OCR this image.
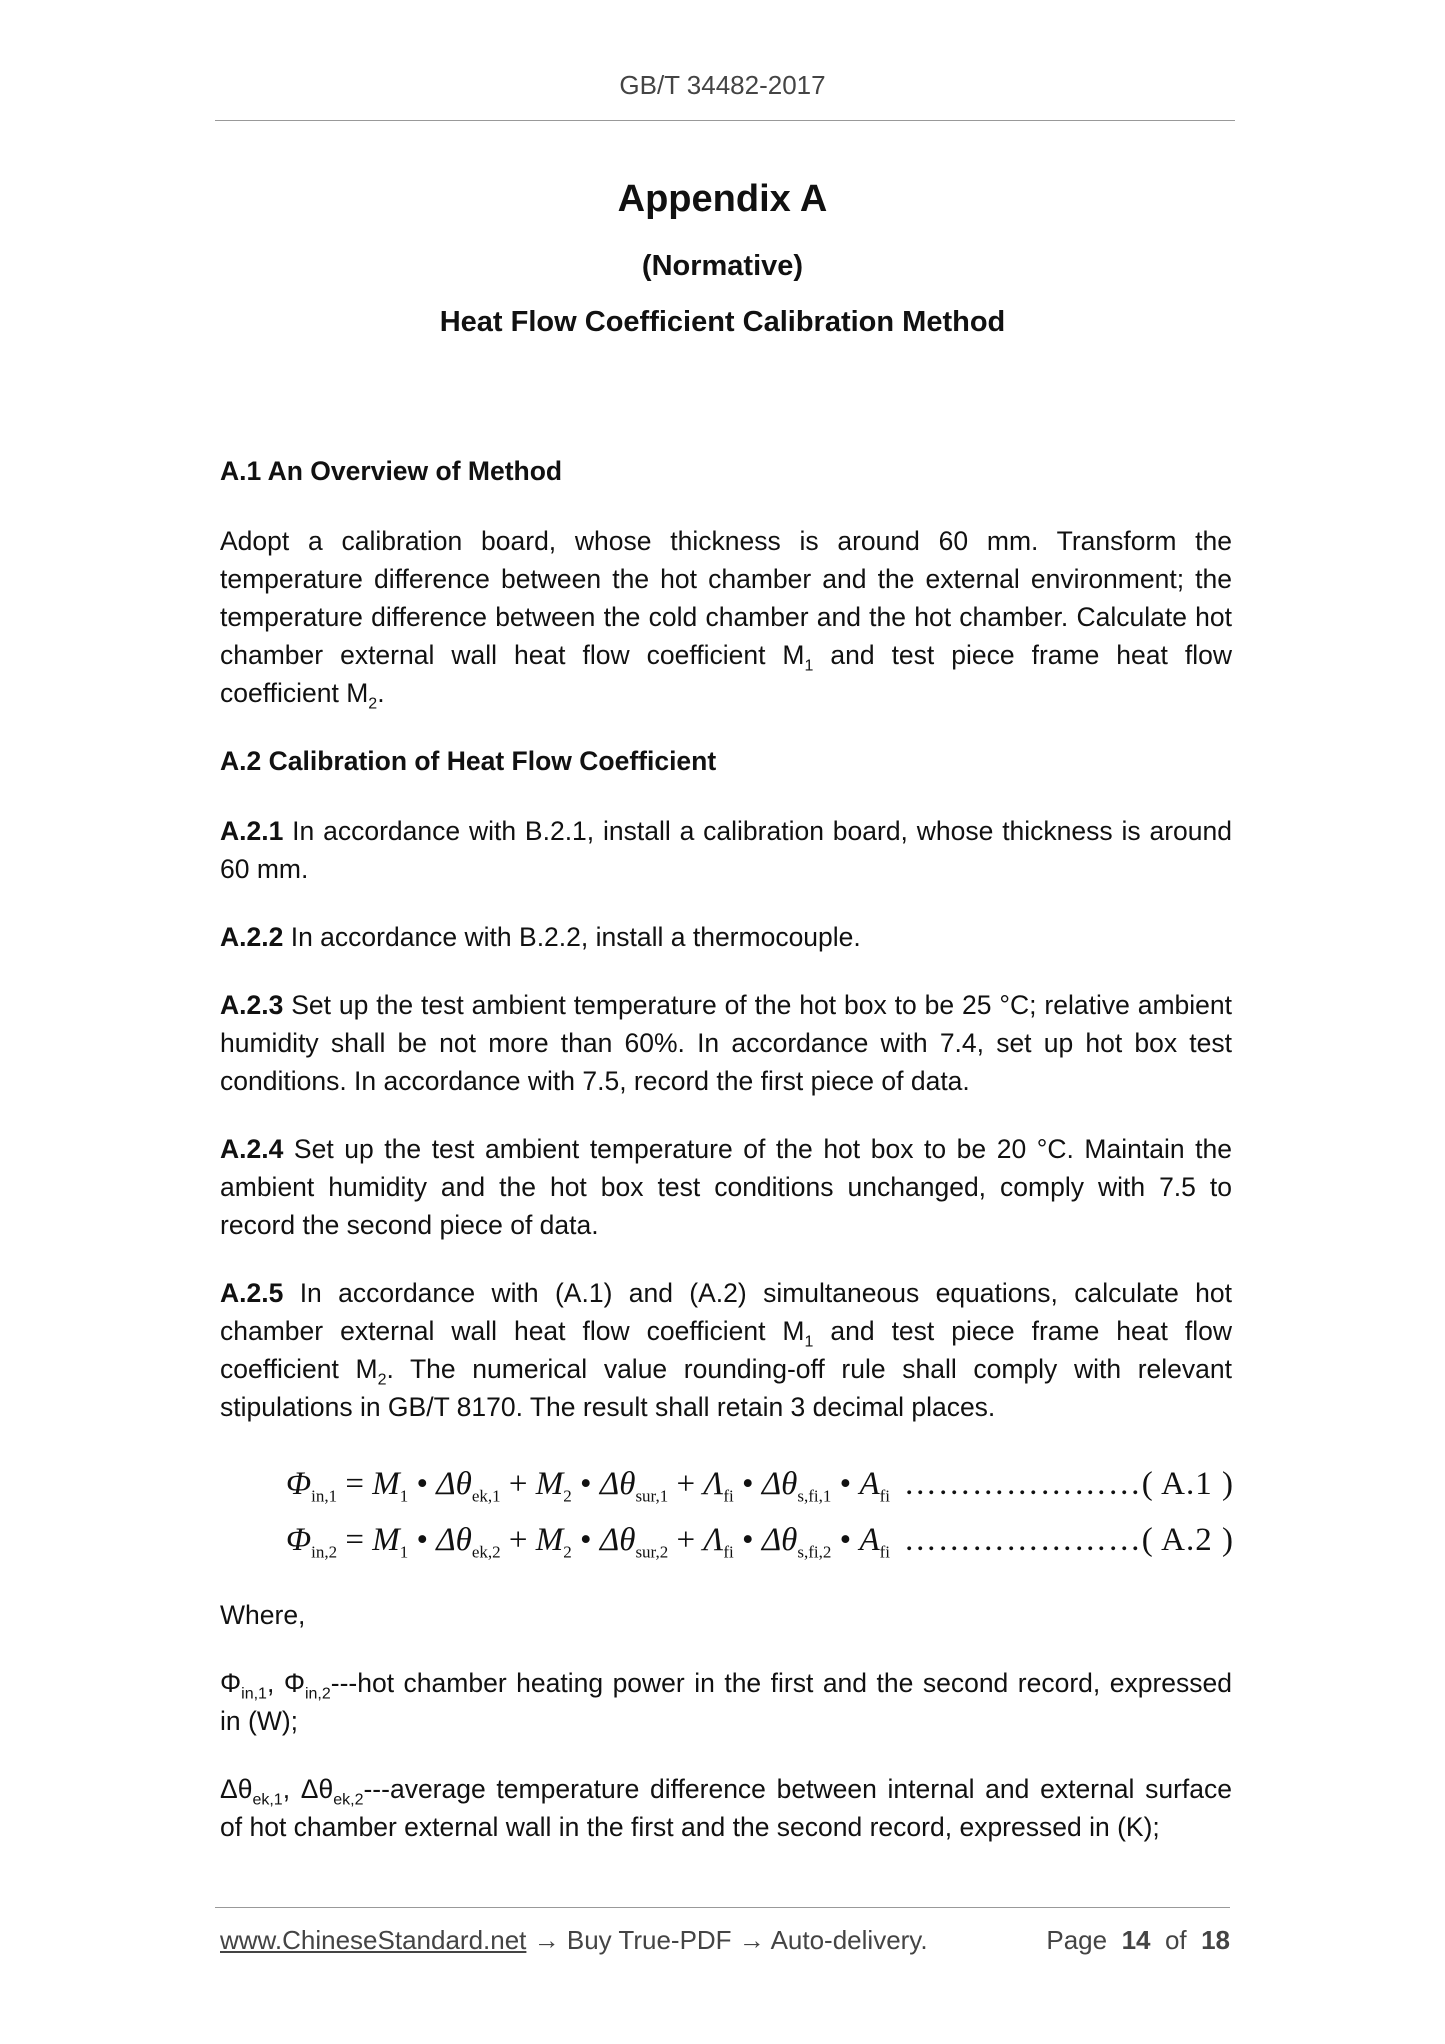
GB/T 34482-2017
Appendix A
(Normative)
Heat Flow Coefficient Calibration Method
A.1 An Overview of Method

Adopt a calibration board, whose thickness is around 60 mm. Transform the temperature difference between the hot chamber and the external environment; the temperature difference between the cold chamber and the hot chamber. Calculate hot chamber external wall heat flow coefficient $M_1$ and test piece frame heat flow coefficient $M_2$.

A.2 Calibration of Heat Flow Coefficient

A.2.1 In accordance with B.2.1, install a calibration board, whose thickness is around 60 mm.

A.2.2 In accordance with B.2.2, install a thermocouple.

A.2.3 Set up the test ambient temperature of the hot box to be 25 °C; relative ambient humidity shall be not more than 60%. In accordance with 7.4, set up hot box test conditions. In accordance with 7.5, record the first piece of data.

A.2.4 Set up the test ambient temperature of the hot box to be 20 °C. Maintain the ambient humidity and the hot box test conditions unchanged, comply with 7.5 to record the second piece of data.

A.2.5 In accordance with (A.1) and (A.2) simultaneous equations, calculate hot chamber external wall heat flow coefficient $M_1$ and test piece frame heat flow coefficient $M_2$. The numerical value rounding-off rule shall comply with relevant stipulations in GB/T 8170. The result shall retain 3 decimal places.

$\Phi_{in,1} = M_1$ • $\Delta\theta_{ek,1} + M_2$ • $\Delta\theta_{sur,1} + \Lambda_{fi}$ • $\Delta\theta_{s,fi,1}$ • $A_{fi}$ …………………( A.1 )
$\Phi_{in,2} = M_1$ • $\Delta\theta_{ek,2} + M_2$ • $\Delta\theta_{sur,2} + \Lambda_{fi}$ • $\Delta\theta_{s,fi,2}$ • $A_{fi}$ …………………( A.2 )

Where,

$\Phi_{in,1}$, $\Phi_{in,2}--$-hot chamber heating power in the first and the second record, expressed in (W);

$\Delta\theta_{ek,1}$, $\Delta\theta_{ek,2}--$-average temperature difference between internal and external surface of hot chamber external wall in the first and the second record, expressed in (K);

www.ChineseStandard.net → Buy True-PDF → Auto-delivery.	Page 14 of 18
